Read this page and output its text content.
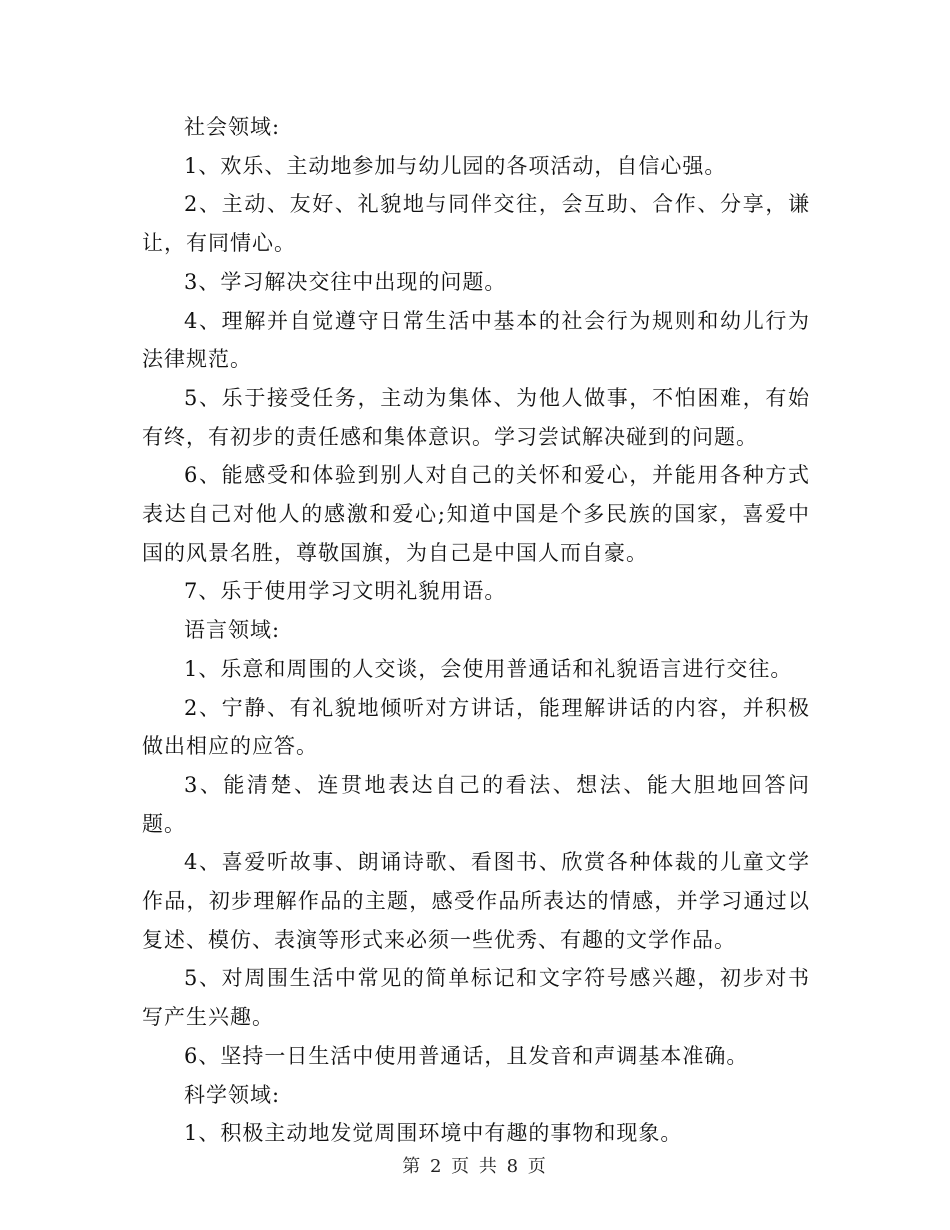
社会领域:

1、欢乐、主动地参加与幼儿园的各项活动，自信心强。

2、主动、友好、礼貌地与同伴交往，会互助、合作、分享，谦让，有同情心。

3、学习解决交往中出现的问题。

4、理解并自觉遵守日常生活中基本的社会行为规则和幼儿行为法律规范。

5、乐于接受任务，主动为集体、为他人做事，不怕困难，有始有终，有初步的责任感和集体意识。学习尝试解决碰到的问题。

6、能感受和体验到别人对自己的关怀和爱心，并能用各种方式表达自己对他人的感激和爱心;知道中国是个多民族的国家，喜爱中国的风景名胜，尊敬国旗，为自己是中国人而自豪。

7、乐于使用学习文明礼貌用语。

语言领域:

1、乐意和周围的人交谈，会使用普通话和礼貌语言进行交往。

2、宁静、有礼貌地倾听对方讲话，能理解讲话的内容，并积极做出相应的应答。

3、能清楚、连贯地表达自己的看法、想法、能大胆地回答问题。

4、喜爱听故事、朗诵诗歌、看图书、欣赏各种体裁的儿童文学作品，初步理解作品的主题，感受作品所表达的情感，并学习通过以复述、模仿、表演等形式来必须一些优秀、有趣的文学作品。

5、对周围生活中常见的简单标记和文字符号感兴趣，初步对书写产生兴趣。

6、坚持一日生活中使用普通话，且发音和声调基本准确。

科学领域:

1、积极主动地发觉周围环境中有趣的事物和现象。

第 2 页 共 8 页
